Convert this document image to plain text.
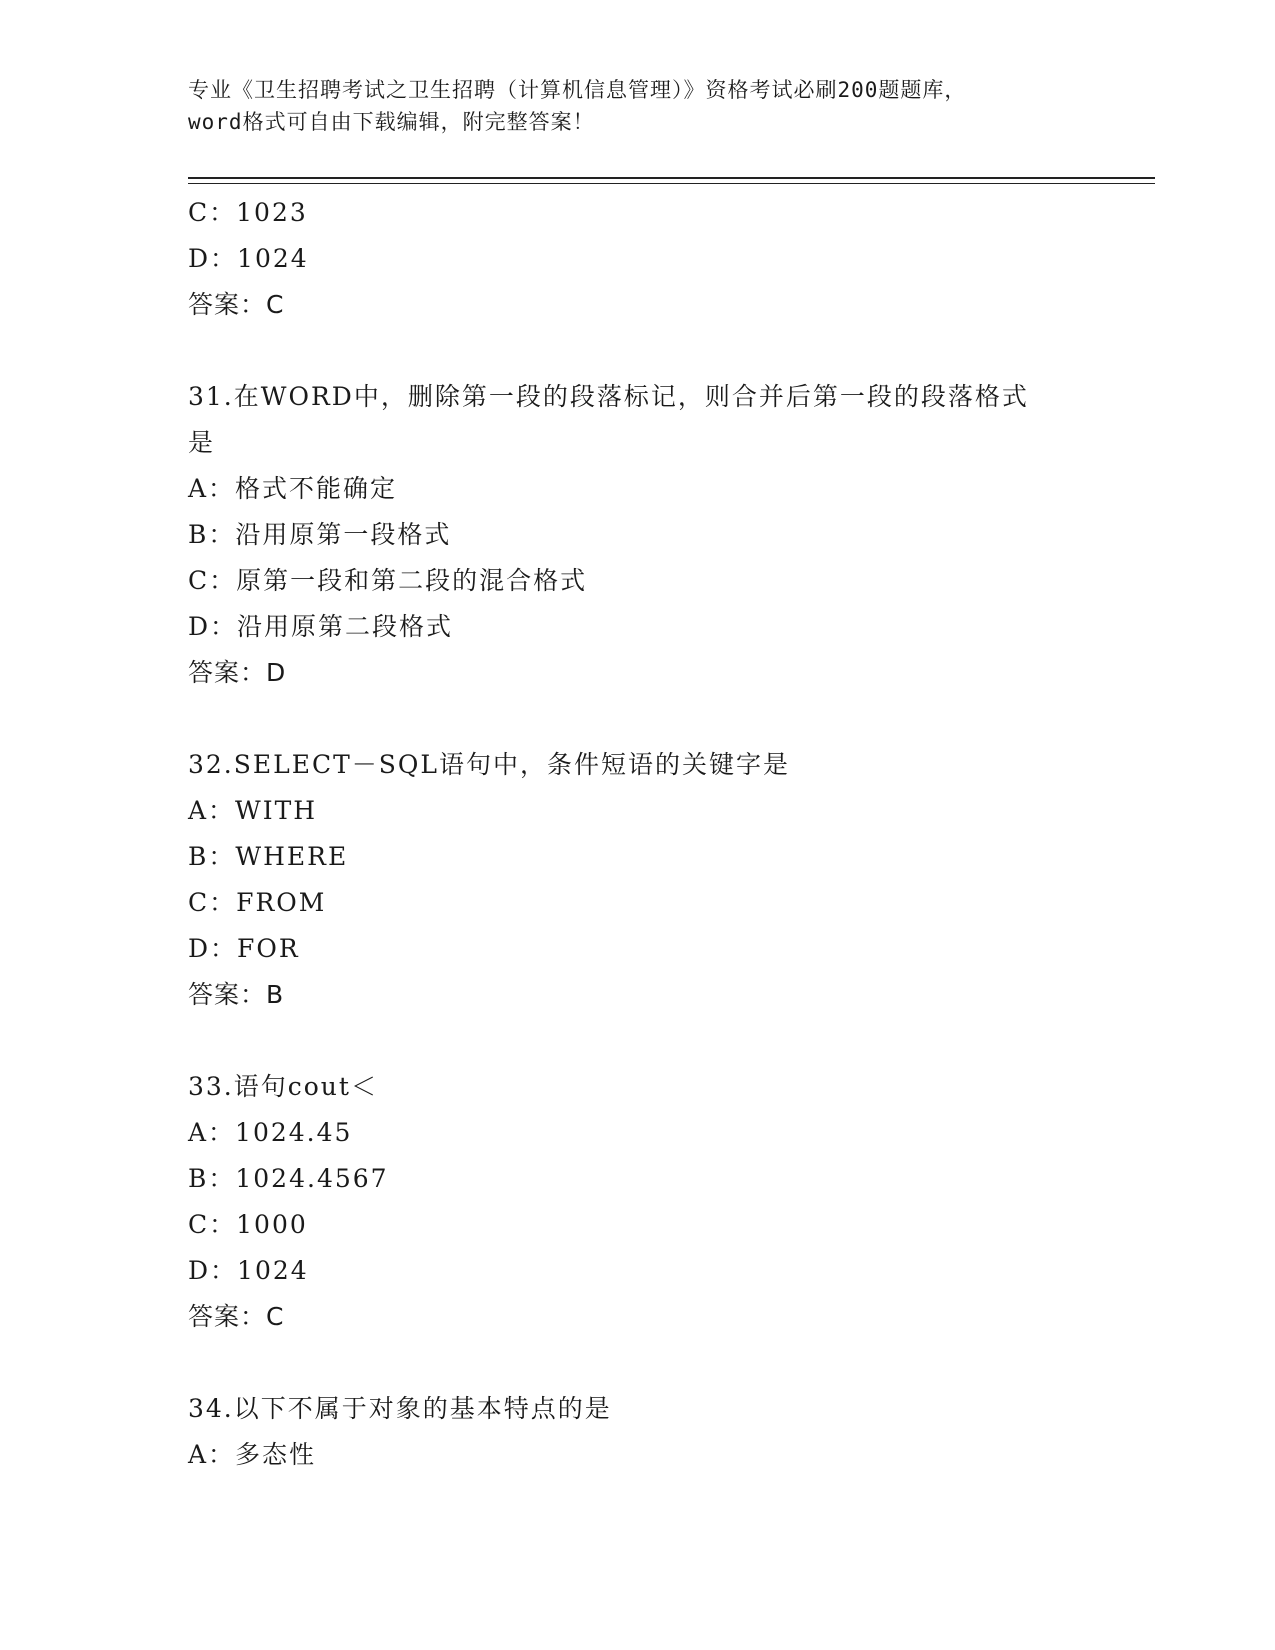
专业《卫生招聘考试之卫生招聘（计算机信息管理）》资格考试必刷200题题库，
word格式可自由下载编辑，附完整答案！
C：1023
D：1024
答案：C
31.在WORD中，删除第一段的段落标记，则合并后第一段的段落格式
是
A：格式不能确定
B：沿用原第一段格式
C：原第一段和第二段的混合格式
D：沿用原第二段格式
答案：D
32.SELECT－SQL语句中，条件短语的关键字是
A：WITH
B：WHERE
C：FROM
D：FOR
答案：B
33.语句cout＜
A：1024.45
B：1024.4567
C：1000
D：1024
答案：C
34.以下不属于对象的基本特点的是
A：多态性
